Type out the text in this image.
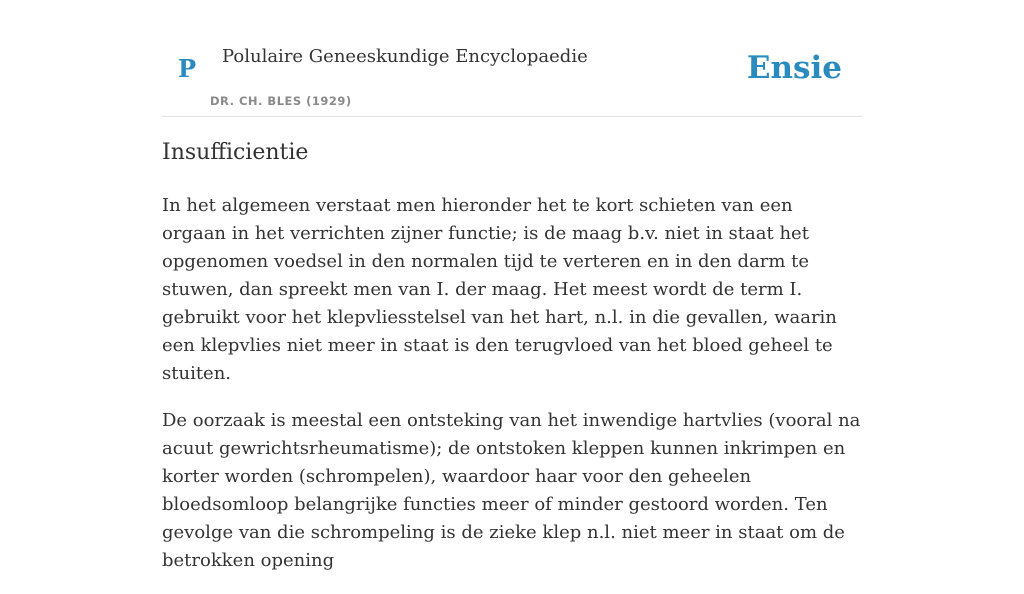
P Polulaire Geneeskundige Encyclopaedie
DR. CH. BLES (1929)
Ensie
Insufficientie

In het algemeen verstaat men hieronder het te kort schieten van een orgaan in het verrichten zijner functie; is de maag b.v. niet in staat het opgenomen voedsel in den normalen tijd te verteren en in den darm te stuwen, dan spreekt men van I. der maag. Het meest wordt de term I. gebruikt voor het klepvliesstelsel van het hart, n.l. in die gevallen, waarin een klepvlies niet meer in staat is den terugvloed van het bloed geheel te stuiten.

De oorzaak is meestal een ontsteking van het inwendige hartvlies (vooral na acuut gewrichtsrheumatisme); de ontstoken kleppen kunnen inkrimpen en korter worden (schrompelen), waardoor haar voor den geheelen bloedsomloop belangrijke functies meer of minder gestoord worden. Ten gevolge van die schrompeling is de zieke klep n.l. niet meer in staat om de betrokken opening
